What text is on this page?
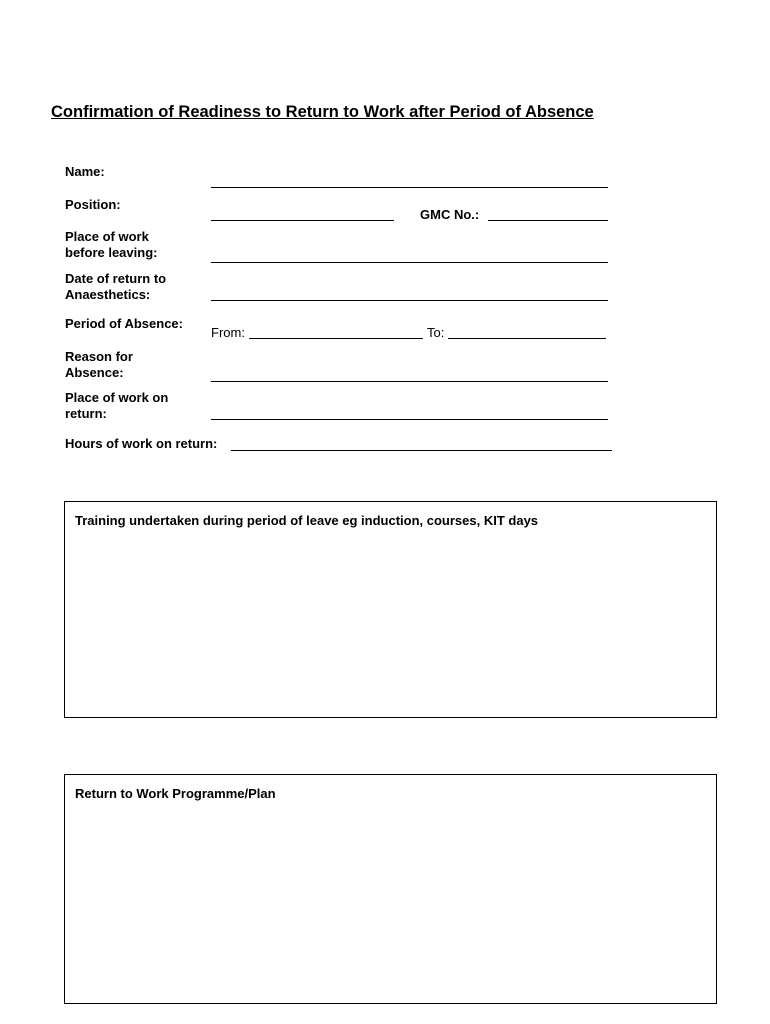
Confirmation of Readiness to Return to Work after Period of Absence
Name:
Position:
GMC No.:
Place of work
before leaving:
Date of return to
Anaesthetics:
Period of Absence:
From:	To:
Reason for
Absence:
Place of work on
return:
Hours of work on return:
Training undertaken during period of leave eg induction, courses, KIT days
Return to Work Programme/Plan
